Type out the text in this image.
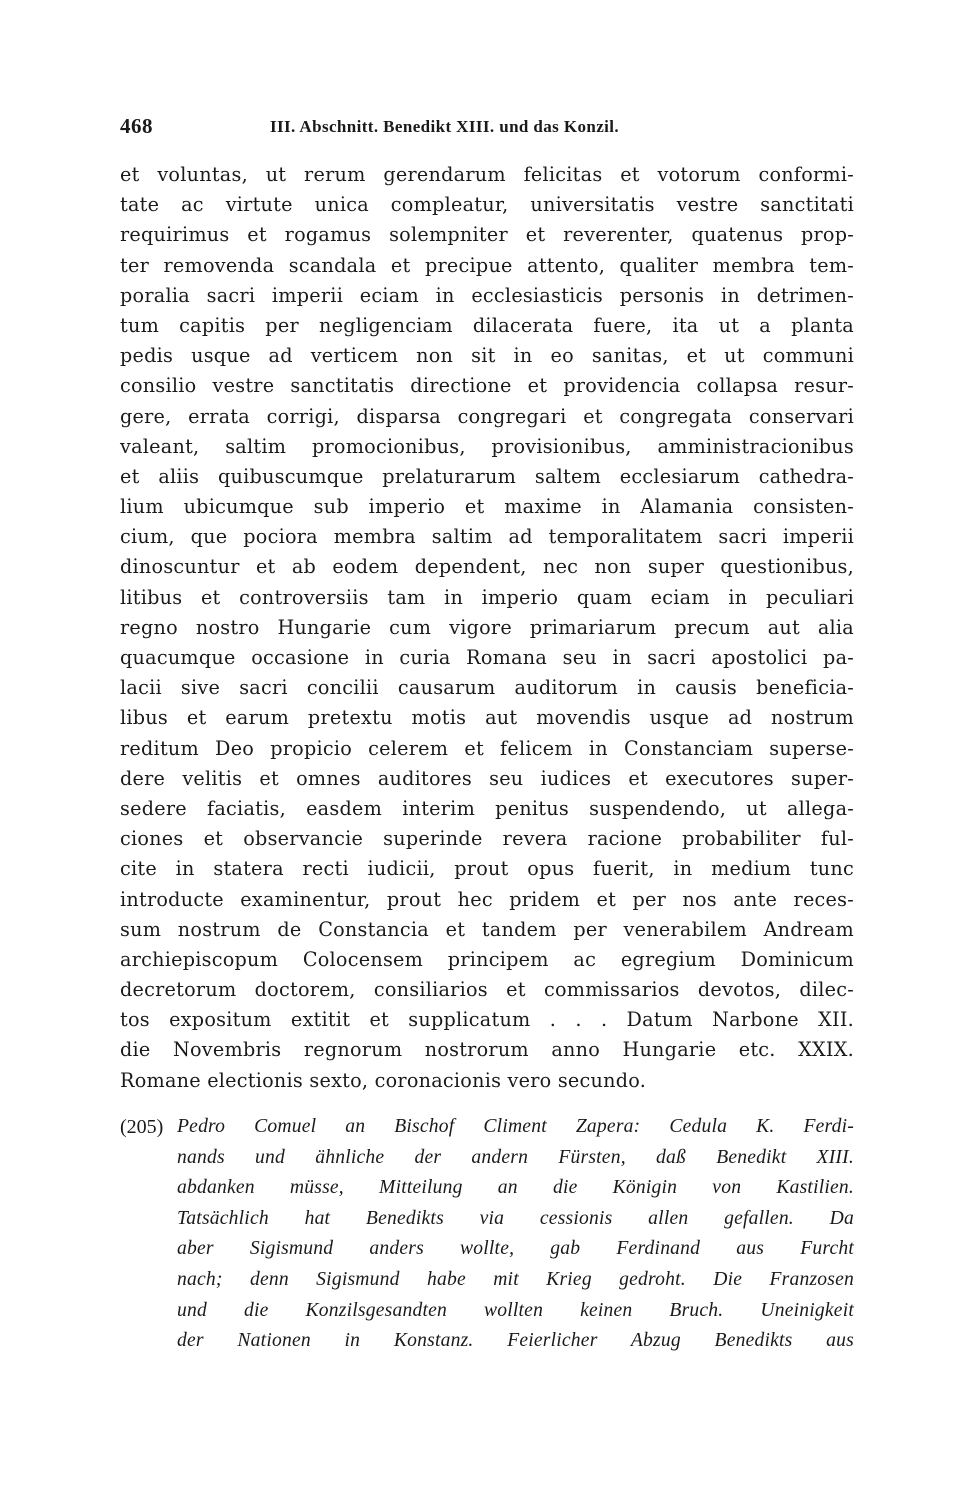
468	III. Abschnitt. Benedikt XIII. und das Konzil.
et voluntas, ut rerum gerendarum felicitas et votorum conformi-
tate ac virtute unica compleatur, universitatis vestre sanctitati
requirimus et rogamus solempniter et reverenter, quatenus prop-
ter removenda scandala et precipue attento, qualiter membra tem-
poralia sacri imperii eciam in ecclesiasticis personis in detrimen-
tum capitis per negligenciam dilacerata fuere, ita ut a planta
pedis usque ad verticem non sit in eo sanitas, et ut communi
consilio vestre sanctitatis directione et providencia collapsa resur-
gere, errata corrigi, disparsa congregari et congregata conservari
valeant, saltim promocionibus, provisionibus, amministracionibus
et aliis quibuscumque prelaturarum saltem ecclesiarum cathedra-
lium ubicumque sub imperio et maxime in Alamania consisten-
cium, que pociora membra saltim ad temporalitatem sacri imperii
dinoscuntur et ab eodem dependent, nec non super questionibus,
litibus et controversiis tam in imperio quam eciam in peculiari
regno nostro Hungarie cum vigore primariarum precum aut alia
quacumque occasione in curia Romana seu in sacri apostolici pa-
lacii sive sacri concilii causarum auditorum in causis beneficia-
libus et earum pretextu motis aut movendis usque ad nostrum
reditum Deo propicio celerem et felicem in Constanciam superse-
dere velitis et omnes auditores seu iudices et executores super-
sedere faciatis, easdem interim penitus suspendendo, ut allega-
ciones et observancie superinde revera racione probabiliter ful-
cite in statera recti iudicii, prout opus fuerit, in medium tunc
introducte examinentur, prout hec pridem et per nos ante reces-
sum nostrum de Constancia et tandem per venerabilem Andream
archiepiscopum Colocensem principem ac egregium Dominicum
decretorum doctorem, consiliarios et commissarios devotos, dilec-
tos expositum extitit et supplicatum . . . Datum Narbone XII.
die Novembris regnorum nostrorum anno Hungarie etc. XXIX.
Romane electionis sexto, coronacionis vero secundo.
(205) Pedro Comuel an Bischof Climent Zapera: Cedula K. Ferdi-
nands und ähnliche der andern Fürsten, daß Benedikt XIII.
abdanken müsse, Mitteilung an die Königin von Kastilien.
Tatsächlich hat Benedikts via cessionis allen gefallen. Da
aber Sigismund anders wollte, gab Ferdinand aus Furcht
nach; denn Sigismund habe mit Krieg gedroht. Die Franzosen
und die Konzilsgesandten wollten keinen Bruch. Uneinigkeit
der Nationen in Konstanz. Feierlicher Abzug Benedikts aus
